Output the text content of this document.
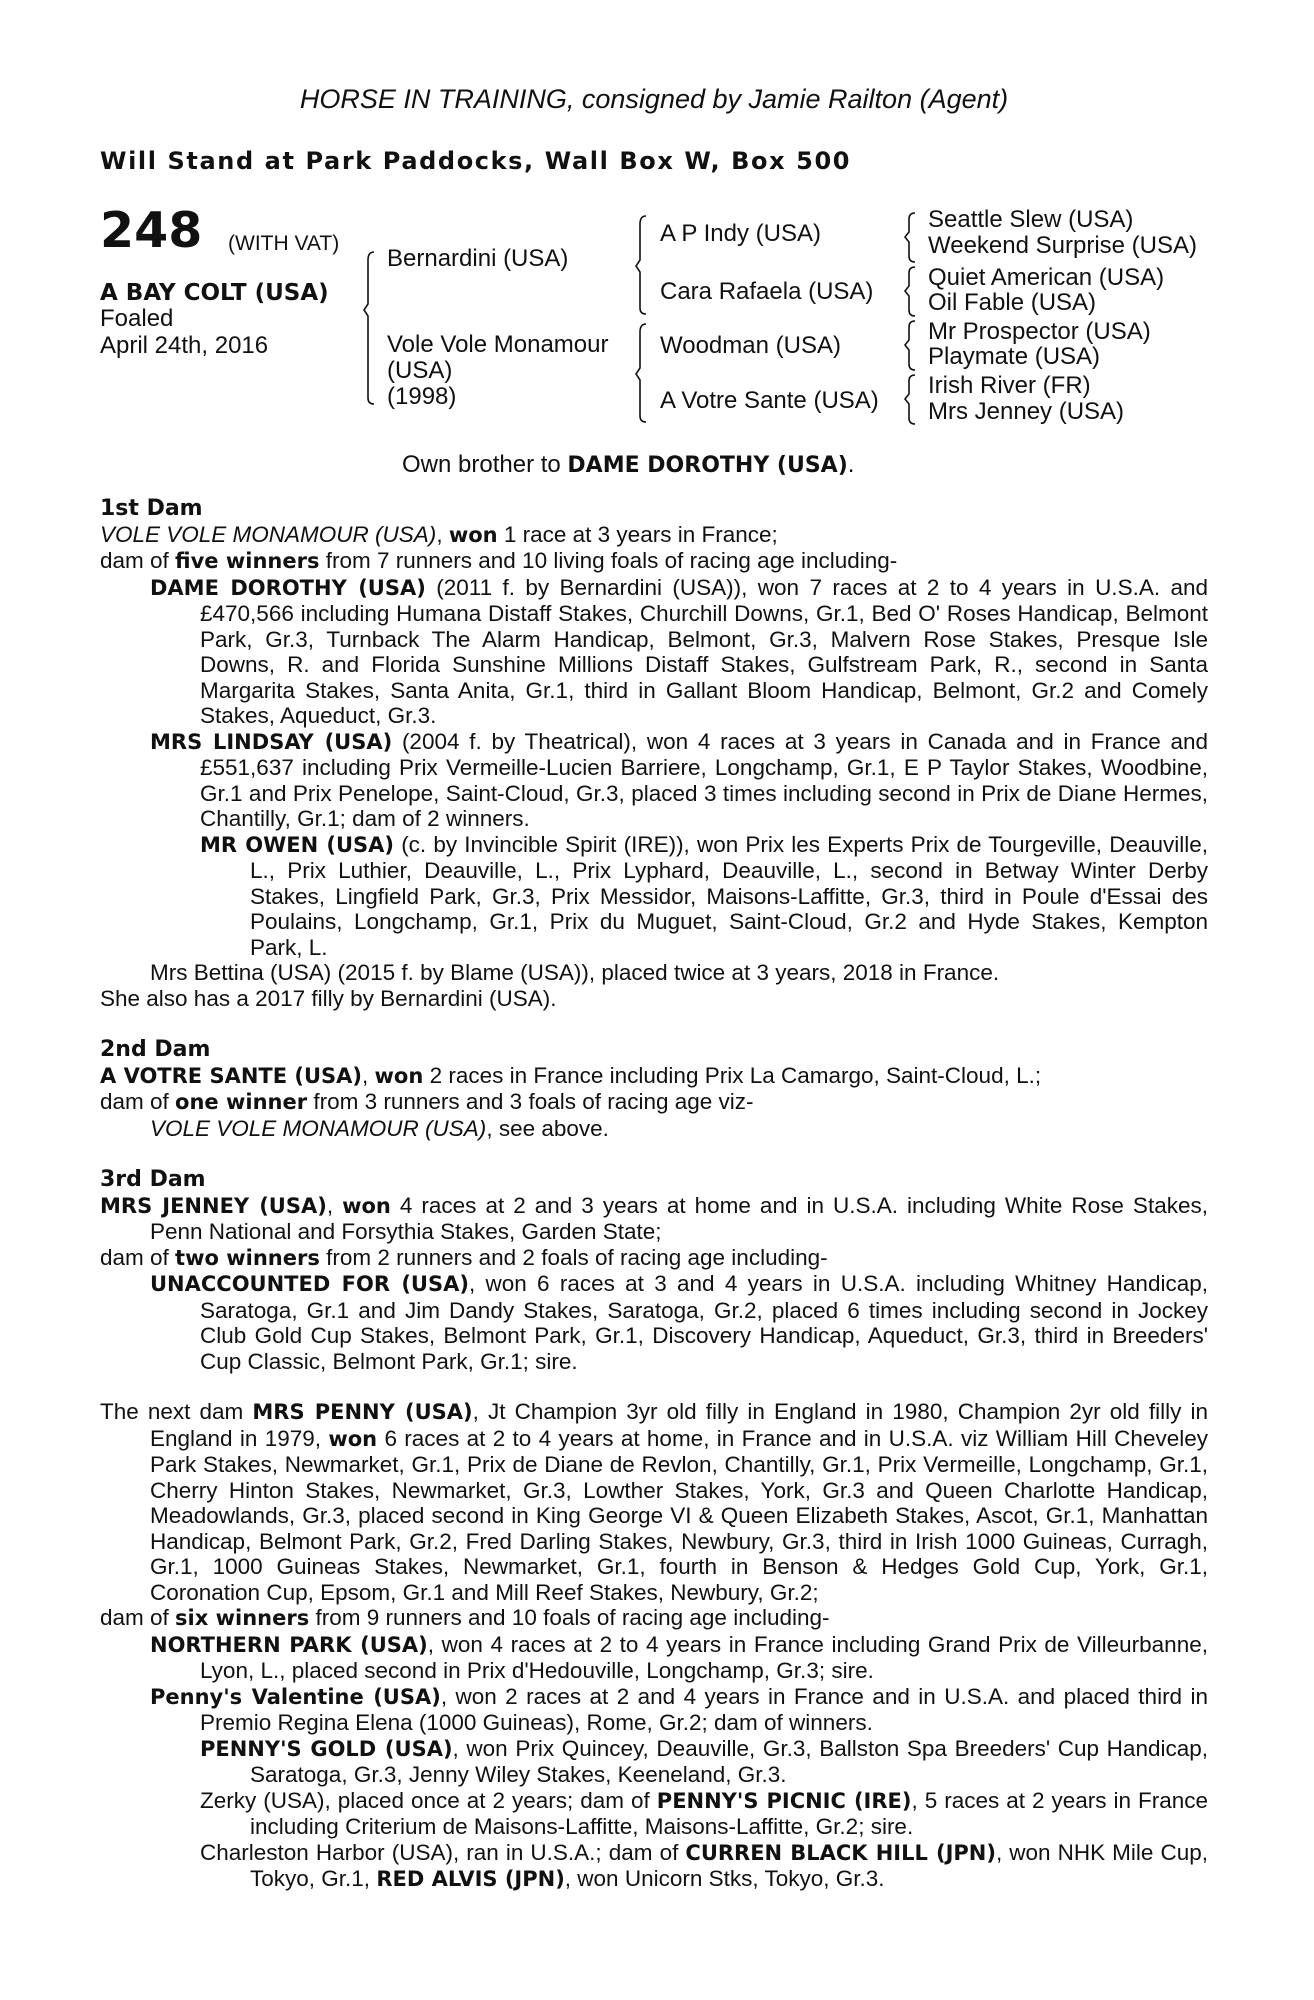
HORSE IN TRAINING, consigned by Jamie Railton (Agent)
Will Stand at Park Paddocks, Wall Box W, Box 500
248 (WITH VAT)
A BAY COLT (USA)
Foaled
April 24th, 2016
Bernardini (USA)
Vole Vole Monamour
(USA)
(1998)
A P Indy (USA)
Cara Rafaela (USA)
Woodman (USA)
A Votre Sante (USA)
Seattle Slew (USA)
Weekend Surprise (USA)
Quiet American (USA)
Oil Fable (USA)
Mr Prospector (USA)
Playmate (USA)
Irish River (FR)
Mrs Jenney (USA)
Own brother to DAME DOROTHY (USA).

1st Dam

VOLE VOLE MONAMOUR (USA), won 1 race at 3 years in France;

dam of five winners from 7 runners and 10 living foals of racing age including-

DAME DOROTHY (USA) (2011 f. by Bernardini (USA)), won 7 races at 2 to 4 years in U.S.A. and £470,566 including Humana Distaff Stakes, Churchill Downs, Gr.1, Bed O' Roses Handicap, Belmont Park, Gr.3, Turnback The Alarm Handicap, Belmont, Gr.3, Malvern Rose Stakes, Presque Isle Downs, R. and Florida Sunshine Millions Distaff Stakes, Gulfstream Park, R., second in Santa Margarita Stakes, Santa Anita, Gr.1, third in Gallant Bloom Handicap, Belmont, Gr.2 and Comely Stakes, Aqueduct, Gr.3.

MRS LINDSAY (USA) (2004 f. by Theatrical), won 4 races at 3 years in Canada and in France and £551,637 including Prix Vermeille-Lucien Barriere, Longchamp, Gr.1, E P Taylor Stakes, Woodbine, Gr.1 and Prix Penelope, Saint-Cloud, Gr.3, placed 3 times including second in Prix de Diane Hermes, Chantilly, Gr.1; dam of 2 winners.

MR OWEN (USA) (c. by Invincible Spirit (IRE)), won Prix les Experts Prix de Tourgeville, Deauville, L., Prix Luthier, Deauville, L., Prix Lyphard, Deauville, L., second in Betway Winter Derby Stakes, Lingfield Park, Gr.3, Prix Messidor, Maisons-Laffitte, Gr.3, third in Poule d'Essai des Poulains, Longchamp, Gr.1, Prix du Muguet, Saint-Cloud, Gr.2 and Hyde Stakes, Kempton Park, L.

Mrs Bettina (USA) (2015 f. by Blame (USA)), placed twice at 3 years, 2018 in France.

She also has a 2017 filly by Bernardini (USA).

2nd Dam

A VOTRE SANTE (USA), won 2 races in France including Prix La Camargo, Saint-Cloud, L.;

dam of one winner from 3 runners and 3 foals of racing age viz-

VOLE VOLE MONAMOUR (USA), see above.

3rd Dam

MRS JENNEY (USA), won 4 races at 2 and 3 years at home and in U.S.A. including White Rose Stakes, Penn National and Forsythia Stakes, Garden State;

dam of two winners from 2 runners and 2 foals of racing age including-

UNACCOUNTED FOR (USA), won 6 races at 3 and 4 years in U.S.A. including Whitney Handicap, Saratoga, Gr.1 and Jim Dandy Stakes, Saratoga, Gr.2, placed 6 times including second in Jockey Club Gold Cup Stakes, Belmont Park, Gr.1, Discovery Handicap, Aqueduct, Gr.3, third in Breeders' Cup Classic, Belmont Park, Gr.1; sire.

The next dam MRS PENNY (USA), Jt Champion 3yr old filly in England in 1980, Champion 2yr old filly in England in 1979, won 6 races at 2 to 4 years at home, in France and in U.S.A. viz William Hill Cheveley Park Stakes, Newmarket, Gr.1, Prix de Diane de Revlon, Chantilly, Gr.1, Prix Vermeille, Longchamp, Gr.1, Cherry Hinton Stakes, Newmarket, Gr.3, Lowther Stakes, York, Gr.3 and Queen Charlotte Handicap, Meadowlands, Gr.3, placed second in King George VI & Queen Elizabeth Stakes, Ascot, Gr.1, Manhattan Handicap, Belmont Park, Gr.2, Fred Darling Stakes, Newbury, Gr.3, third in Irish 1000 Guineas, Curragh, Gr.1, 1000 Guineas Stakes, Newmarket, Gr.1, fourth in Benson & Hedges Gold Cup, York, Gr.1, Coronation Cup, Epsom, Gr.1 and Mill Reef Stakes, Newbury, Gr.2;

dam of six winners from 9 runners and 10 foals of racing age including-

NORTHERN PARK (USA), won 4 races at 2 to 4 years in France including Grand Prix de Villeurbanne, Lyon, L., placed second in Prix d'Hedouville, Longchamp, Gr.3; sire.

Penny's Valentine (USA), won 2 races at 2 and 4 years in France and in U.S.A. and placed third in Premio Regina Elena (1000 Guineas), Rome, Gr.2; dam of winners.

PENNY'S GOLD (USA), won Prix Quincey, Deauville, Gr.3, Ballston Spa Breeders' Cup Handicap, Saratoga, Gr.3, Jenny Wiley Stakes, Keeneland, Gr.3.

Zerky (USA), placed once at 2 years; dam of PENNY'S PICNIC (IRE), 5 races at 2 years in France including Criterium de Maisons-Laffitte, Maisons-Laffitte, Gr.2; sire.

Charleston Harbor (USA), ran in U.S.A.; dam of CURREN BLACK HILL (JPN), won NHK Mile Cup, Tokyo, Gr.1, RED ALVIS (JPN), won Unicorn Stks, Tokyo, Gr.3.
